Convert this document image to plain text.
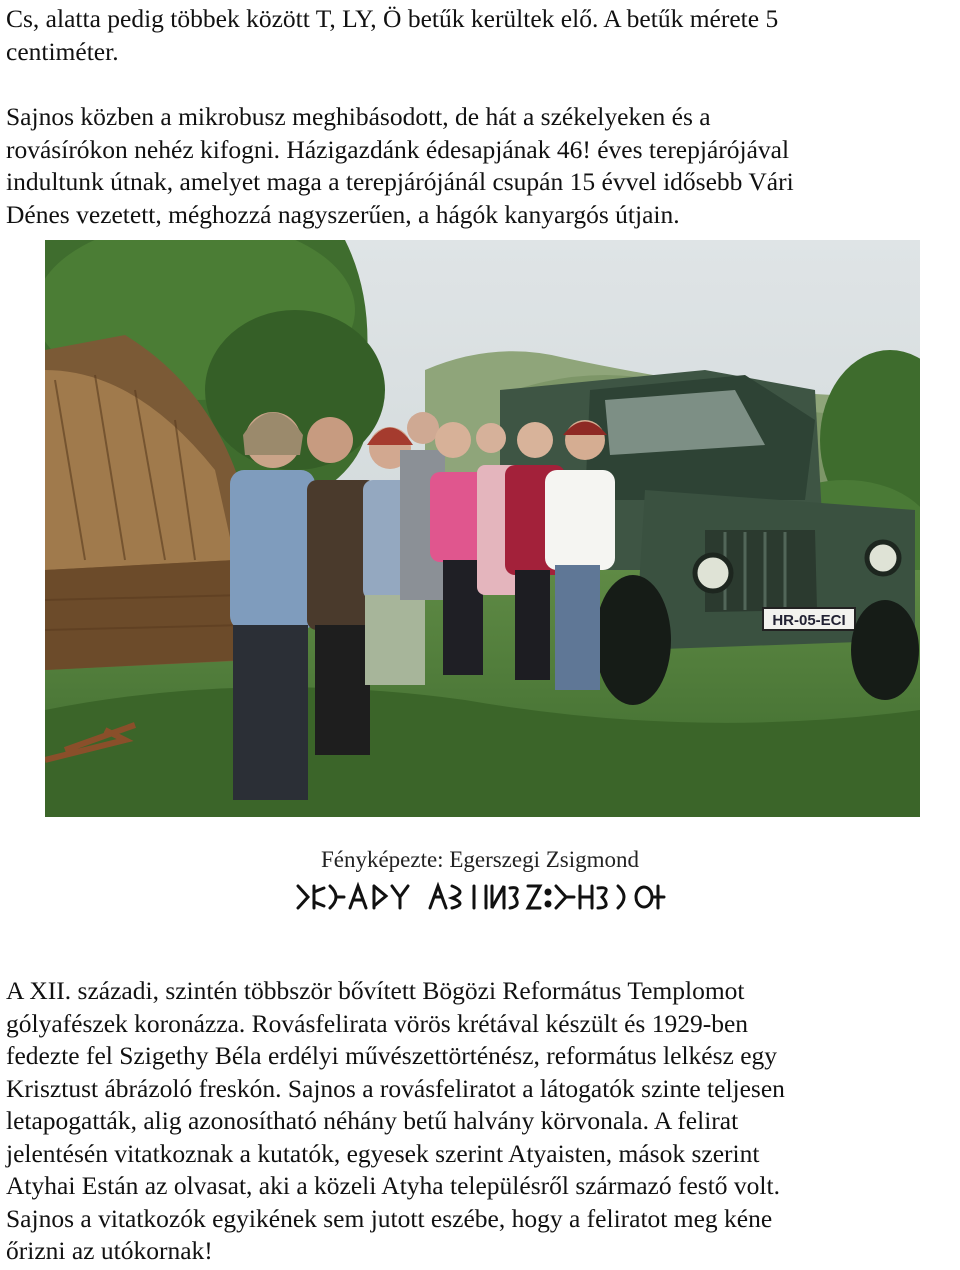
Cs, alatta pedig többek között T, LY, Ö betűk kerültek elő. A betűk mérete 5
centiméter.

Sajnos közben a mikrobusz meghibásodott, de hát a székelyeken és a
rovásírókon nehéz kifogni. Házigazdánk édesapjának 46! éves terepjárójával
indultunk útnak, amelyet maga a terepjárójánál csupán 15 évvel idősebb Vári
Dénes vezetett, méghozzá nagyszerűen, a hágók kanyargós útjain.

HR-05-ECI

Fényképezte: Egerszegi Zsigmond

A XII. századi, szintén többször bővített Bögözi Református Templomot
gólyafészek koronázza. Rovásfelirata vörös krétával készült és 1929-ben
fedezte fel Szigethy Béla erdélyi művészettörténész, református lelkész egy
Krisztust ábrázoló freskón. Sajnos a rovásfeliratot a látogatók szinte teljesen
letapogatták, alig azonosítható néhány betű halvány körvonala. A felirat
jelentésén vitatkoznak a kutatók, egyesek szerint Atyaisten, mások szerint
Atyhai Están az olvasat, aki a közeli Atyha településről származó festő volt.
Sajnos a vitatkozók egyikének sem jutott eszébe, hogy a feliratot meg kéne
őrizni az utókornak!
